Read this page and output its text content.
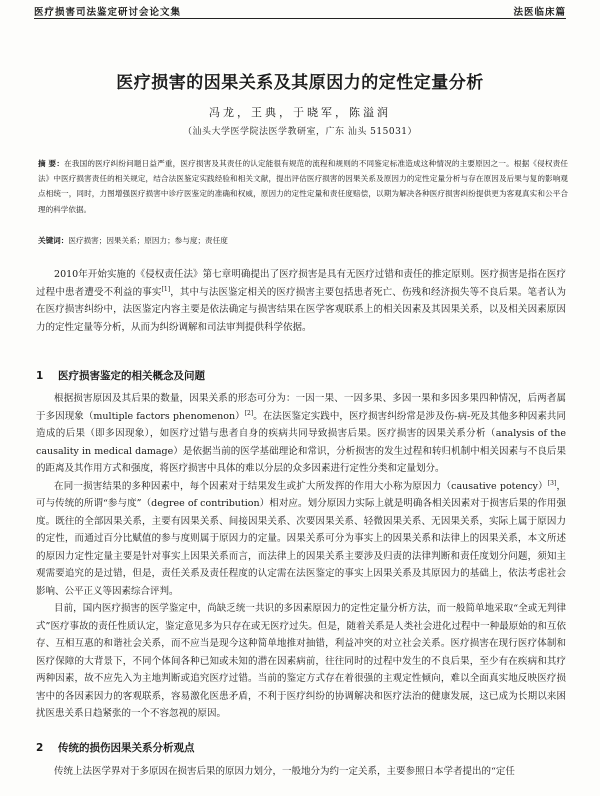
医疗损害司法鉴定研讨会论文集	法医临床篇
医疗损害的因果关系及其原因力的定性定量分析
冯龙，王典，于晓军，陈溢润
（汕头大学医学院法医学教研室，广东 汕头 515031）
摘 要：在我国的医疗纠纷问题日益严重，医疗损害及其责任的认定能很有规范的流程和规则的不同鉴定标准造成这种情况的主要原因之一。根据《侵权责任法》中医疗损害责任的相关规定，结合法医鉴定实践经验和相关文献，提出评估医疗损害的因果关系及原因力的定性定量分析与存在原因及后果与复的影响观点相统一，同时，力图增强医疗损害中诊疗医鉴定的准确和权威，原因力的定性定量和责任度赔偿，以期为解决各种医疗损害纠纷提供更为客观真实和公平合理的科学依据。
关键词：医疗损害；因果关系；原因力；参与度；责任度

2010年开始实施的《侵权责任法》第七章明确提出了医疗损害是具有无医疗过错和责任的推定原则。医疗损害是指在医疗过程中患者遭受不利益的事实[1]，其中与法医鉴定相关的医疗损害主要包括患者死亡、伤残和经济损失等不良后果。笔者认为在医疗损害纠纷中，法医鉴定内容主要是依法确定与损害结果在医学客观联系上的相关因素及其因果关系，以及相关因素原因力的定性定量等分析，从而为纠纷调解和司法审判提供科学依据。

1 医疗损害鉴定的相关概念及问题

根据损害原因及其后果的数量，因果关系的形态可分为：一因一果、一因多果、多因一果和多因多果四种情况，后两者属于多因现象（multiple factors phenomenon）[2]。在法医鉴定实践中，医疗损害纠纷常是涉及伤-病-死及其他多种因素共同造成的后果（即多因现象），如医疗过错与患者自身的疾病共同导致损害后果。医疗损害的因果关系分析（analysis of the causality in medical damage）是依据当前的医学基础理论和常识，分析损害的发生过程和转归机制中相关因素与不良后果的距离及其作用方式和强度，将医疗损害中具体的难以分层的众多因素进行定性分类和定量划分。

在同一损害结果的多种因素中，每个因素对于结果发生或扩大所发挥的作用大小称为原因力（causative potency）[3]，可与传统的所谓“参与度”（degree of contribution）相对应。划分原因力实际上就是明确各相关因素对于损害后果的作用强度。既往的全部因果关系，主要有因果关系、间接因果关系、次要因果关系、轻微因果关系、无因果关系，实际上属于原因力的定性，而通过百分比赋值的参与度则属于原因力的定量。因果关系可分为事实上的因果关系和法律上的因果关系，本文所述的原因力定性定量主要是针对事实上因果关系而言，而法律上的因果关系主要涉及归责的法律判断和责任度划分问题，须知主观需要追究的是过错，但是，责任关系及责任程度的认定需在法医鉴定的事实上因果关系及其原因力的基础上，依法考虑社会影响、公平正义等因素综合评判。

目前，国内医疗损害的医学鉴定中，尚缺乏统一共识的多因素原因力的定性定量分析方法，而一般简单地采取“全或无判律式”医疗事故的责任性质认定，鉴定意见多为只存在或无医疗过失。但是，随着关系是人类社会进化过程中一种最原始的和互依存、互相互惠的和谐社会关系，而不应当是现今这种简单地推对抽错，利益冲突的对立社会关系。医疗损害在现行医疗体制和医疗保障的大背景下，不同个体间各种已知或未知的潜在因素病前，往往同时的过程中发生的不良后果，至少有在疾病和其疗两种因素，故不应先入为主地判断或追究医疗过错。当前的鉴定方式存在着很强的主观定性倾向，难以全面真实地反映医疗损害中的各因素因力的客观联系，容易激化医患矛盾，不利于医疗纠纷的协调解决和医疗法治的健康发展，这已成为长期以来困扰医患关系日趋紧张的一个不容忽视的原因。

2 传统的损伤因果关系分析观点

传统上法医学界对于多原因在损害后果的原因力划分，一般地分为约一定关系，主要参照日本学者提出的“定任
